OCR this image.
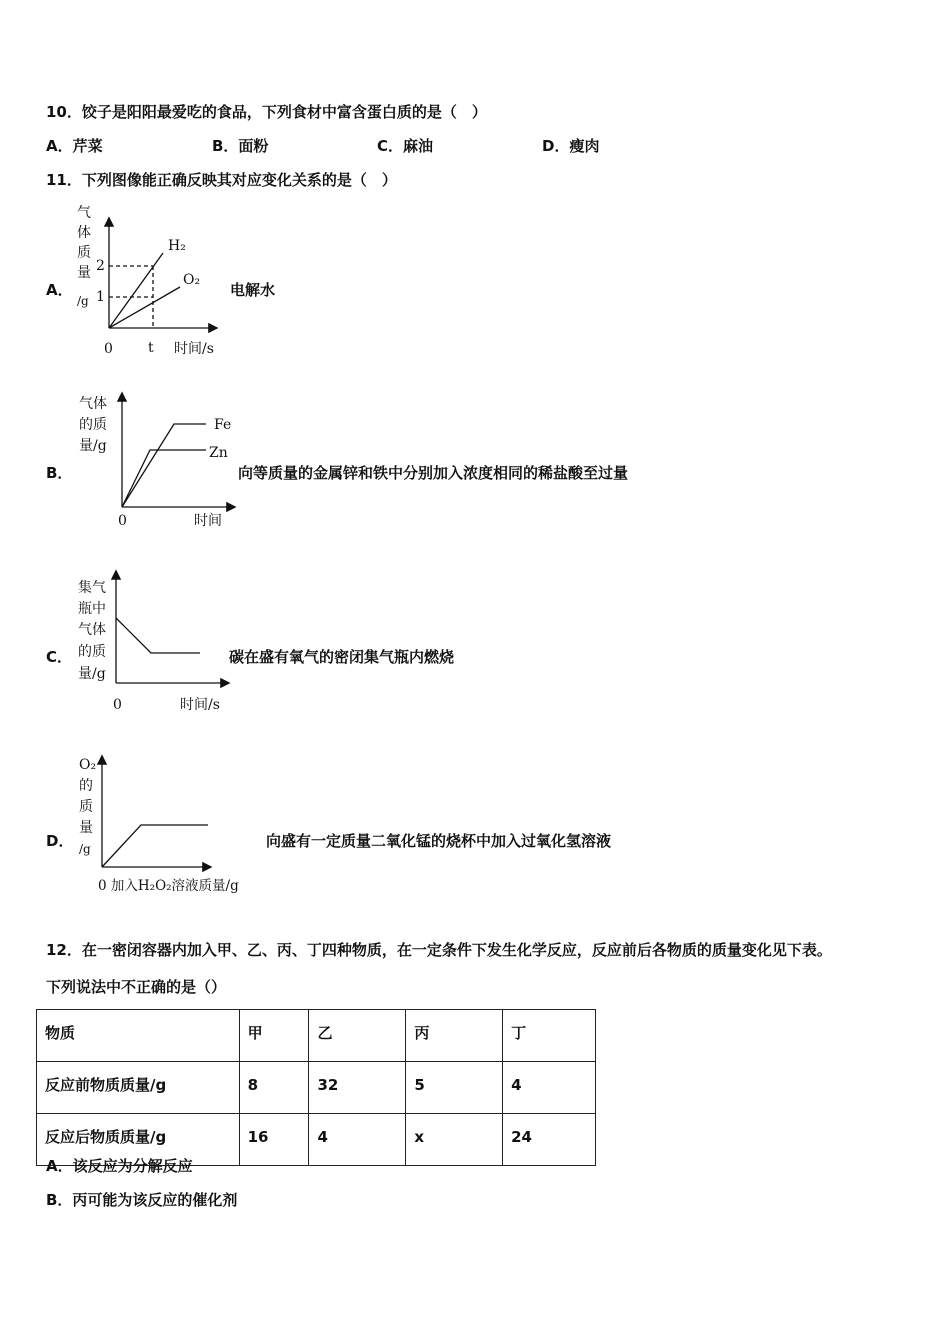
10．饺子是阳阳最爱吃的食品，下列食材中富含蛋白质的是（　）
A．芹菜	B．面粉	C．麻油	D．瘦肉
11．下列图像能正确反映其对应变化关系的是（　）
A．
气
体
质
量
/g
2
1
0	t 时间/s
H₂
O₂
电解水
B．
气体
的质
量/g
0	时间
Fe
Zn
向等质量的金属锌和铁中分别加入浓度相同的稀盐酸至过量
C．
集气
瓶中
气体
的质
量/g
0	时间/s
碳在盛有氧气的密闭集气瓶内燃烧
D．
O₂
的
质
量
/g
0 加入H₂O₂溶液质量/g
向盛有一定质量二氧化锰的烧杯中加入过氧化氢溶液
12．在一密闭容器内加入甲、乙、丙、丁四种物质，在一定条件下发生化学反应，反应前后各物质的质量变化见下表。
下列说法中不正确的是（）
物质	甲	乙	丙	丁
反应前物质质量/g	8	32	5	4
反应后物质质量/g	16	4	x	24
A．该反应为分解反应
B．丙可能为该反应的催化剂
